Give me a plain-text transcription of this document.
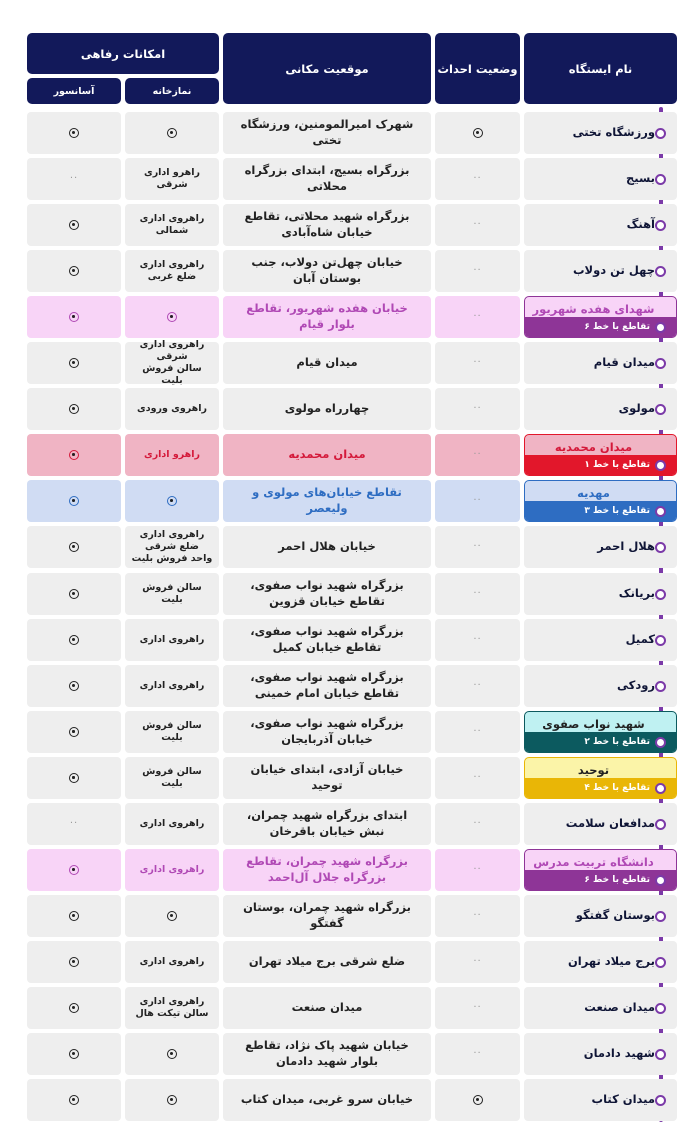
نام ایستگاه
وضعیت احداث
موقعیت مکانی
امکانات رفاهی
نمازخانه
آسانسور
ورزشگاه تختی
شهرک امیرالمومنین، ورزشگاه تختی
بسیج
··
بزرگراه بسیج، ابتدای بزرگراه محلاتی
راهرو اداری شرقی
··
آهنگ
··
بزرگراه شهید محلاتی، تقاطع خیابان شاه‌آبادی
راهروی اداری شمالی
چهل تن دولاب
··
خیابان چهل‌تن دولاب، جنب بوستان آبان
راهروی اداری
ضلع غربی
شهدای هفده شهریور
تقاطع با خط ۶
··
خیابان هفده شهریور، تقاطع بلوار قیام
میدان قیام
··
میدان قیام
راهروی اداری شرقی
سالن فروش بلیت
مولوی
··
چهارراه مولوی
راهروی ورودی
میدان محمدیه
تقاطع با خط ۱
··
میدان محمدیه
راهرو اداری
مهدیه
تقاطع با خط ۳
··
تقاطع خیابان‌های مولوی و ولیعصر
هلال احمر
··
خیابان هلال احمر
راهروی اداری
ضلع شرقی
واحد فروش بلیت
بریانک
··
بزرگراه شهید نواب صفوی، تقاطع خیابان قزوین
سالن فروش بلیت
کمیل
··
بزرگراه شهید نواب صفوی، تقاطع خیابان کمیل
راهروی اداری
رودکی
··
بزرگراه شهید نواب صفوی، تقاطع خیابان امام خمینی
راهروی اداری
شهید نواب صفوی
تقاطع با خط ۲
··
بزرگراه شهید نواب صفوی، خیابان آذربایجان
سالن فروش بلیت
توحید
تقاطع با خط ۴
··
خیابان آزادی، ابتدای خیابان توحید
سالن فروش بلیت
مدافعان سلامت
··
ابتدای بزرگراه شهید چمران، نبش خیابان باقرخان
راهروی اداری
··
دانشگاه تربیت مدرس
تقاطع با خط ۶
··
بزرگراه شهید چمران، تقاطع بزرگراه جلال آل‌احمد
راهروی اداری
بوستان گفتگو
··
بزرگراه شهید چمران، بوستان گفتگو
برج میلاد تهران
··
ضلع شرقی برج میلاد تهران
راهروی اداری
میدان صنعت
··
میدان صنعت
راهروی اداری
سالن تیکت هال
شهید دادمان
··
خیابان شهید پاک نژاد، تقاطع بلوار شهید دادمان
میدان کتاب
خیابان سرو غربی، میدان کتاب
